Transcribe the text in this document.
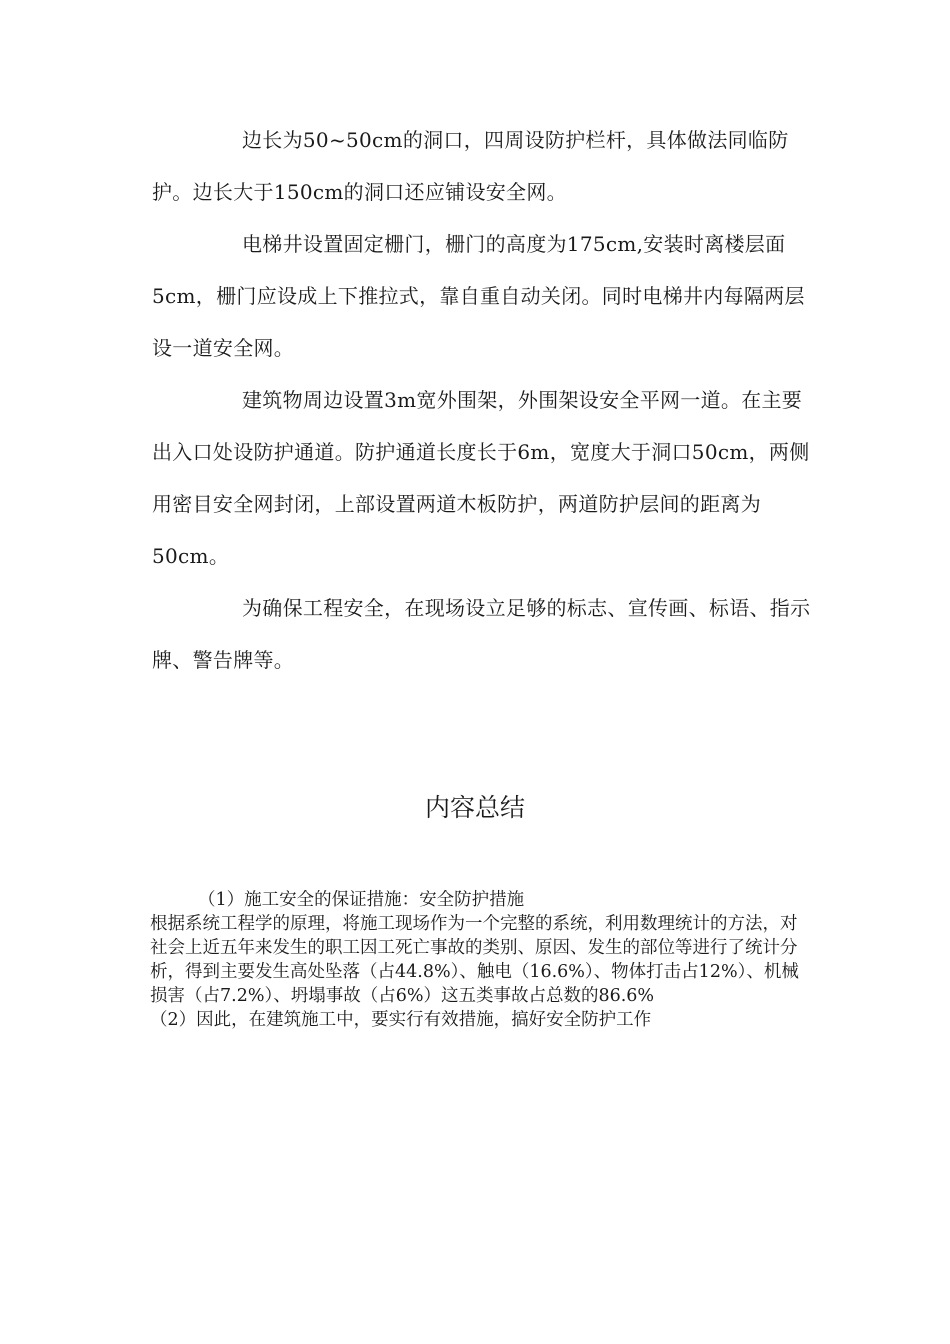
边长为50~50cm的洞口，四周设防护栏杆，具体做法同临防护。边长大于150cm的洞口还应铺设安全网。

电梯井设置固定栅门，栅门的高度为175cm,安装时离楼层面5cm，栅门应设成上下推拉式，靠自重自动关闭。同时电梯井内每隔两层设一道安全网。

建筑物周边设置3m宽外围架，外围架设安全平网一道。在主要出入口处设防护通道。防护通道长度长于6m，宽度大于洞口50cm，两侧用密目安全网封闭，上部设置两道木板防护，两道防护层间的距离为50cm。

为确保工程安全，在现场设立足够的标志、宣传画、标语、指示牌、警告牌等。

内容总结

（1）施工安全的保证措施：安全防护措施

根据系统工程学的原理，将施工现场作为一个完整的系统，利用数理统计的方法，对社会上近五年来发生的职工因工死亡事故的类别、原因、发生的部位等进行了统计分析，得到主要发生高处坠落（占44.8%）、触电（16.6%）、物体打击占12%）、机械损害（占7.2%）、坍塌事故（占6%）这五类事故占总数的86.6%

（2）因此，在建筑施工中，要实行有效措施，搞好安全防护工作
